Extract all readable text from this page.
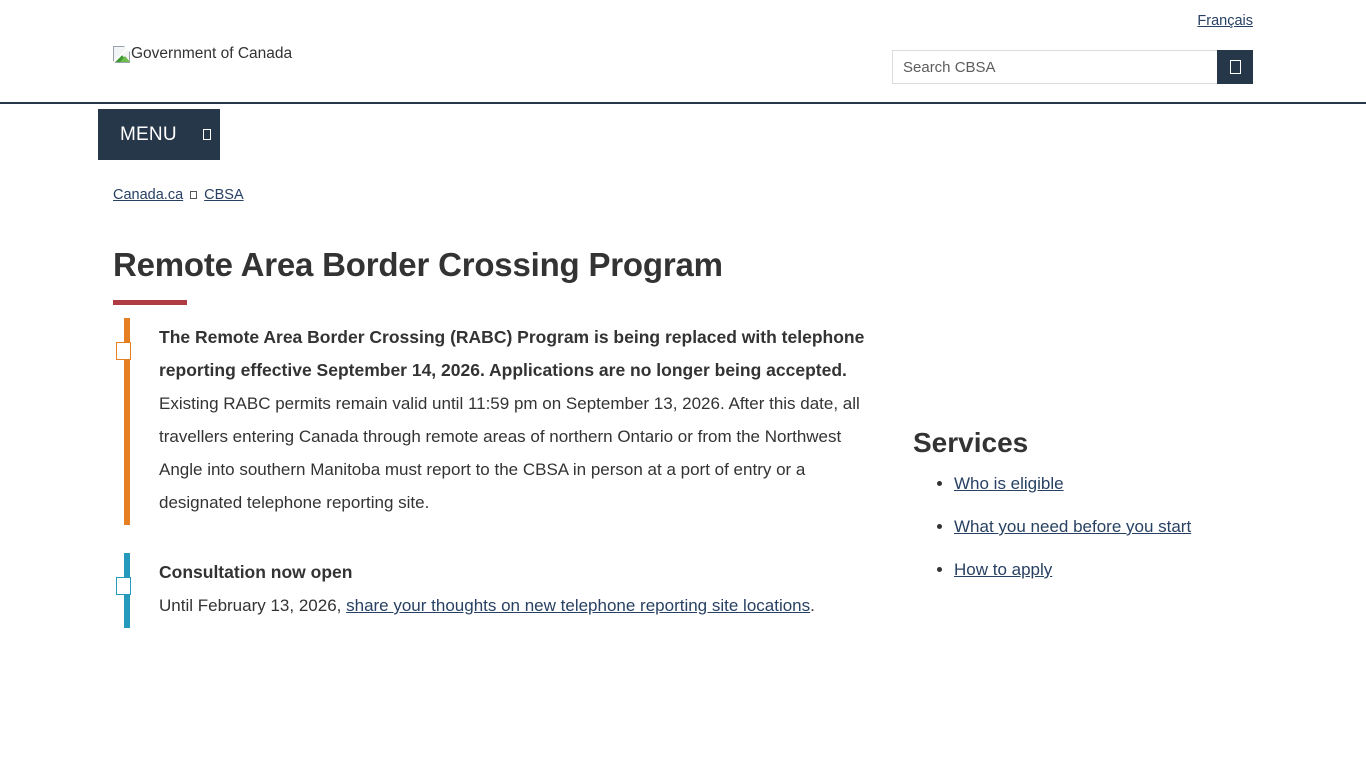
Français
Government of Canada
Search CBSA
MENU
Canada.ca CBSA
Remote Area Border Crossing Program

The Remote Area Border Crossing (RABC) Program is being replaced with telephone reporting effective September 14, 2026. Applications are no longer being accepted.

Existing RABC permits remain valid until 11:59 pm on September 13, 2026. After this date, all travellers entering Canada through remote areas of northern Ontario or from the Northwest Angle into southern Manitoba must report to the CBSA in person at a port of entry or a designated telephone reporting site.

Consultation now open

Until February 13, 2026, share your thoughts on new telephone reporting site locations.

Services
• Who is eligible
• What you need before you start
• How to apply
